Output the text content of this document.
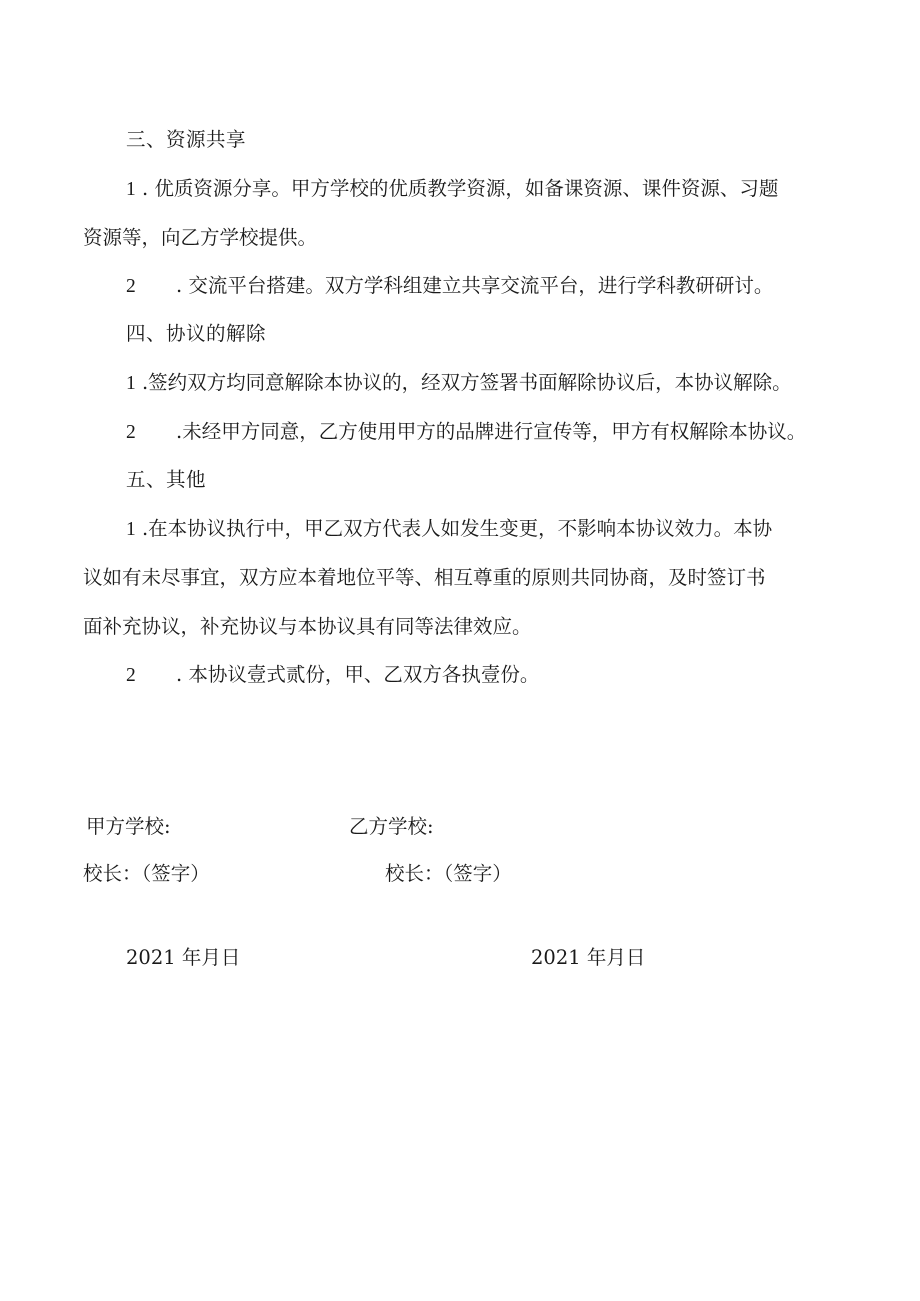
三、资源共享
1 . 优质资源分享。甲方学校的优质教学资源，如备课资源、课件资源、习题
资源等，向乙方学校提供。
2 . 交流平台搭建。双方学科组建立共享交流平台，进行学科教研研讨。
四、协议的解除
1 .签约双方均同意解除本协议的，经双方签署书面解除协议后，本协议解除。
2 .未经甲方同意，乙方使用甲方的品牌进行宣传等，甲方有权解除本协议。
五、其他
1 .在本协议执行中，甲乙双方代表人如发生变更，不影响本协议效力。本协
议如有未尽事宜，双方应本着地位平等、相互尊重的原则共同协商，及时签订书
面补充协议，补充协议与本协议具有同等法律效应。
2 . 本协议壹式贰份，甲、乙双方各执壹份。
甲方学校:	乙方学校:
校长：（签字）	校长：（签字）
2021 年月日	2021 年月日
